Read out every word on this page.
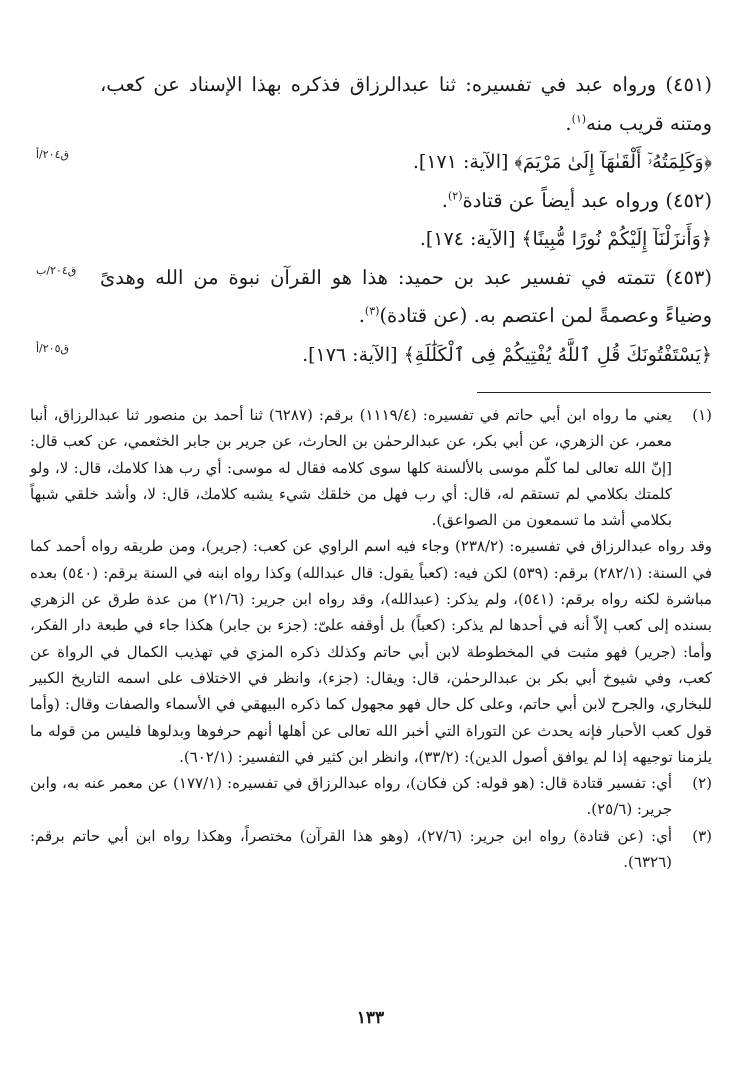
(٤٥١) ورواه عبد في تفسيره: ثنا عبدالرزاق فذكره بهذا الإسناد عن كعب، ومتنه قريب منه$^{(١)}$.

﴿وَكَلِمَتُهُۥٓ أَلْقَىٰهَآ إِلَىٰ مَرْيَمَ﴾ [الآية: ١٧١].

(٤٥٢) ورواه عبد أيضاً عن قتادة$^{(٢)}$.

﴿وَأَنزَلْنَآ إِلَيْكُمْ نُورًا مُّبِينًا﴾ [الآية: ١٧٤].

(٤٥٣) تتمته في تفسير عبد بن حميد: هذا هو القرآن نبوة من الله وهدىً وضياءً وعصمةً لمن اعتصم به. (عن قتادة)$^{(٣)}$.

﴿يَسْتَفْتُونَكَ قُلِ ٱللَّهُ يُفْتِيكُمْ فِى ٱلْكَلَٰلَةِ﴾ [الآية: ١٧٦].

ق٢٠٤/أ
ق٢٠٤/ب
ق٢٠٥/أ
(١)

يعني ما رواه ابن أبي حاتم في تفسيره: (١١١٩/٤) برقم: (٦٢٨٧) ثنا أحمد بن منصور ثنا عبدالرزاق، أنبا معمر، عن الزهري، عن أبي بكر، عن عبدالرحمٰن بن الحارث، عن جرير بن جابر الخثعمي، عن كعب قال: [إنّ الله تعالى لما كلّم موسى بالألسنة كلها سوى كلامه فقال له موسى: أي رب هذا كلامك، قال: لا، ولو كلمتك بكلامي لم تستقم له، قال: أي رب فهل من خلقك شيء يشبه كلامك، قال: لا، وأشد خلقي شبهاً بكلامي أشد ما تسمعون من الصواعق).

وقد رواه عبدالرزاق في تفسيره: (٢٣٨/٢) وجاء فيه اسم الراوي عن كعب: (جرير)، ومن طريقه رواه أحمد كما في السنة: (٢٨٢/١) برقم: (٥٣٩) لكن فيه: (كعباً يقول: قال عبدالله) وكذا رواه ابنه في السنة برقم: (٥٤٠) بعده مباشرة لكنه رواه برقم: (٥٤١)، ولم يذكر: (عبدالله)، وقد رواه ابن جرير: (٢١/٦) من عدة طرق عن الزهري بسنده إلى كعب إلاّ أنه في أحدها لم يذكر: (كعباً) بل أوقفه علىّ: (جزء بن جابر) هكذا جاء في طبعة دار الفكر، وأما: (جرير) فهو مثبت في المخطوطة لابن أبي حاتم وكذلك ذكره المزي في تهذيب الكمال في الرواة عن كعب، وفي شيوخ أبي بكر بن عبدالرحمٰن، قال: ويقال: (جزء)، وانظر في الاختلاف على اسمه التاريخ الكبير للبخاري، والجرح لابن أبي حاتم، وعلى كل حال فهو مجهول كما ذكره البيهقي في الأسماء والصفات وقال: (وأما قول كعب الأحبار فإنه يحدث عن التوراة التي أخبر الله تعالى عن أهلها أنهم حرفوها وبدلوها فليس من قوله ما يلزمنا توجيهه إذا لم يوافق أصول الدين): (٣٣/٢)، وانظر ابن كثير في التفسير: (٦٠٢/١).

(٢)

أي: تفسير قتادة قال: (هو قوله: كن فكان)، رواه عبدالرزاق في تفسيره: (١٧٧/١) عن معمر عنه به، وابن جرير: (٢٥/٦).

(٣)

أي: (عن قتادة) رواه ابن جرير: (٢٧/٦)، (وهو هذا القرآن) مختصراً، وهكذا رواه ابن أبي حاتم برقم: (٦٣٢٦).

١٣٣
